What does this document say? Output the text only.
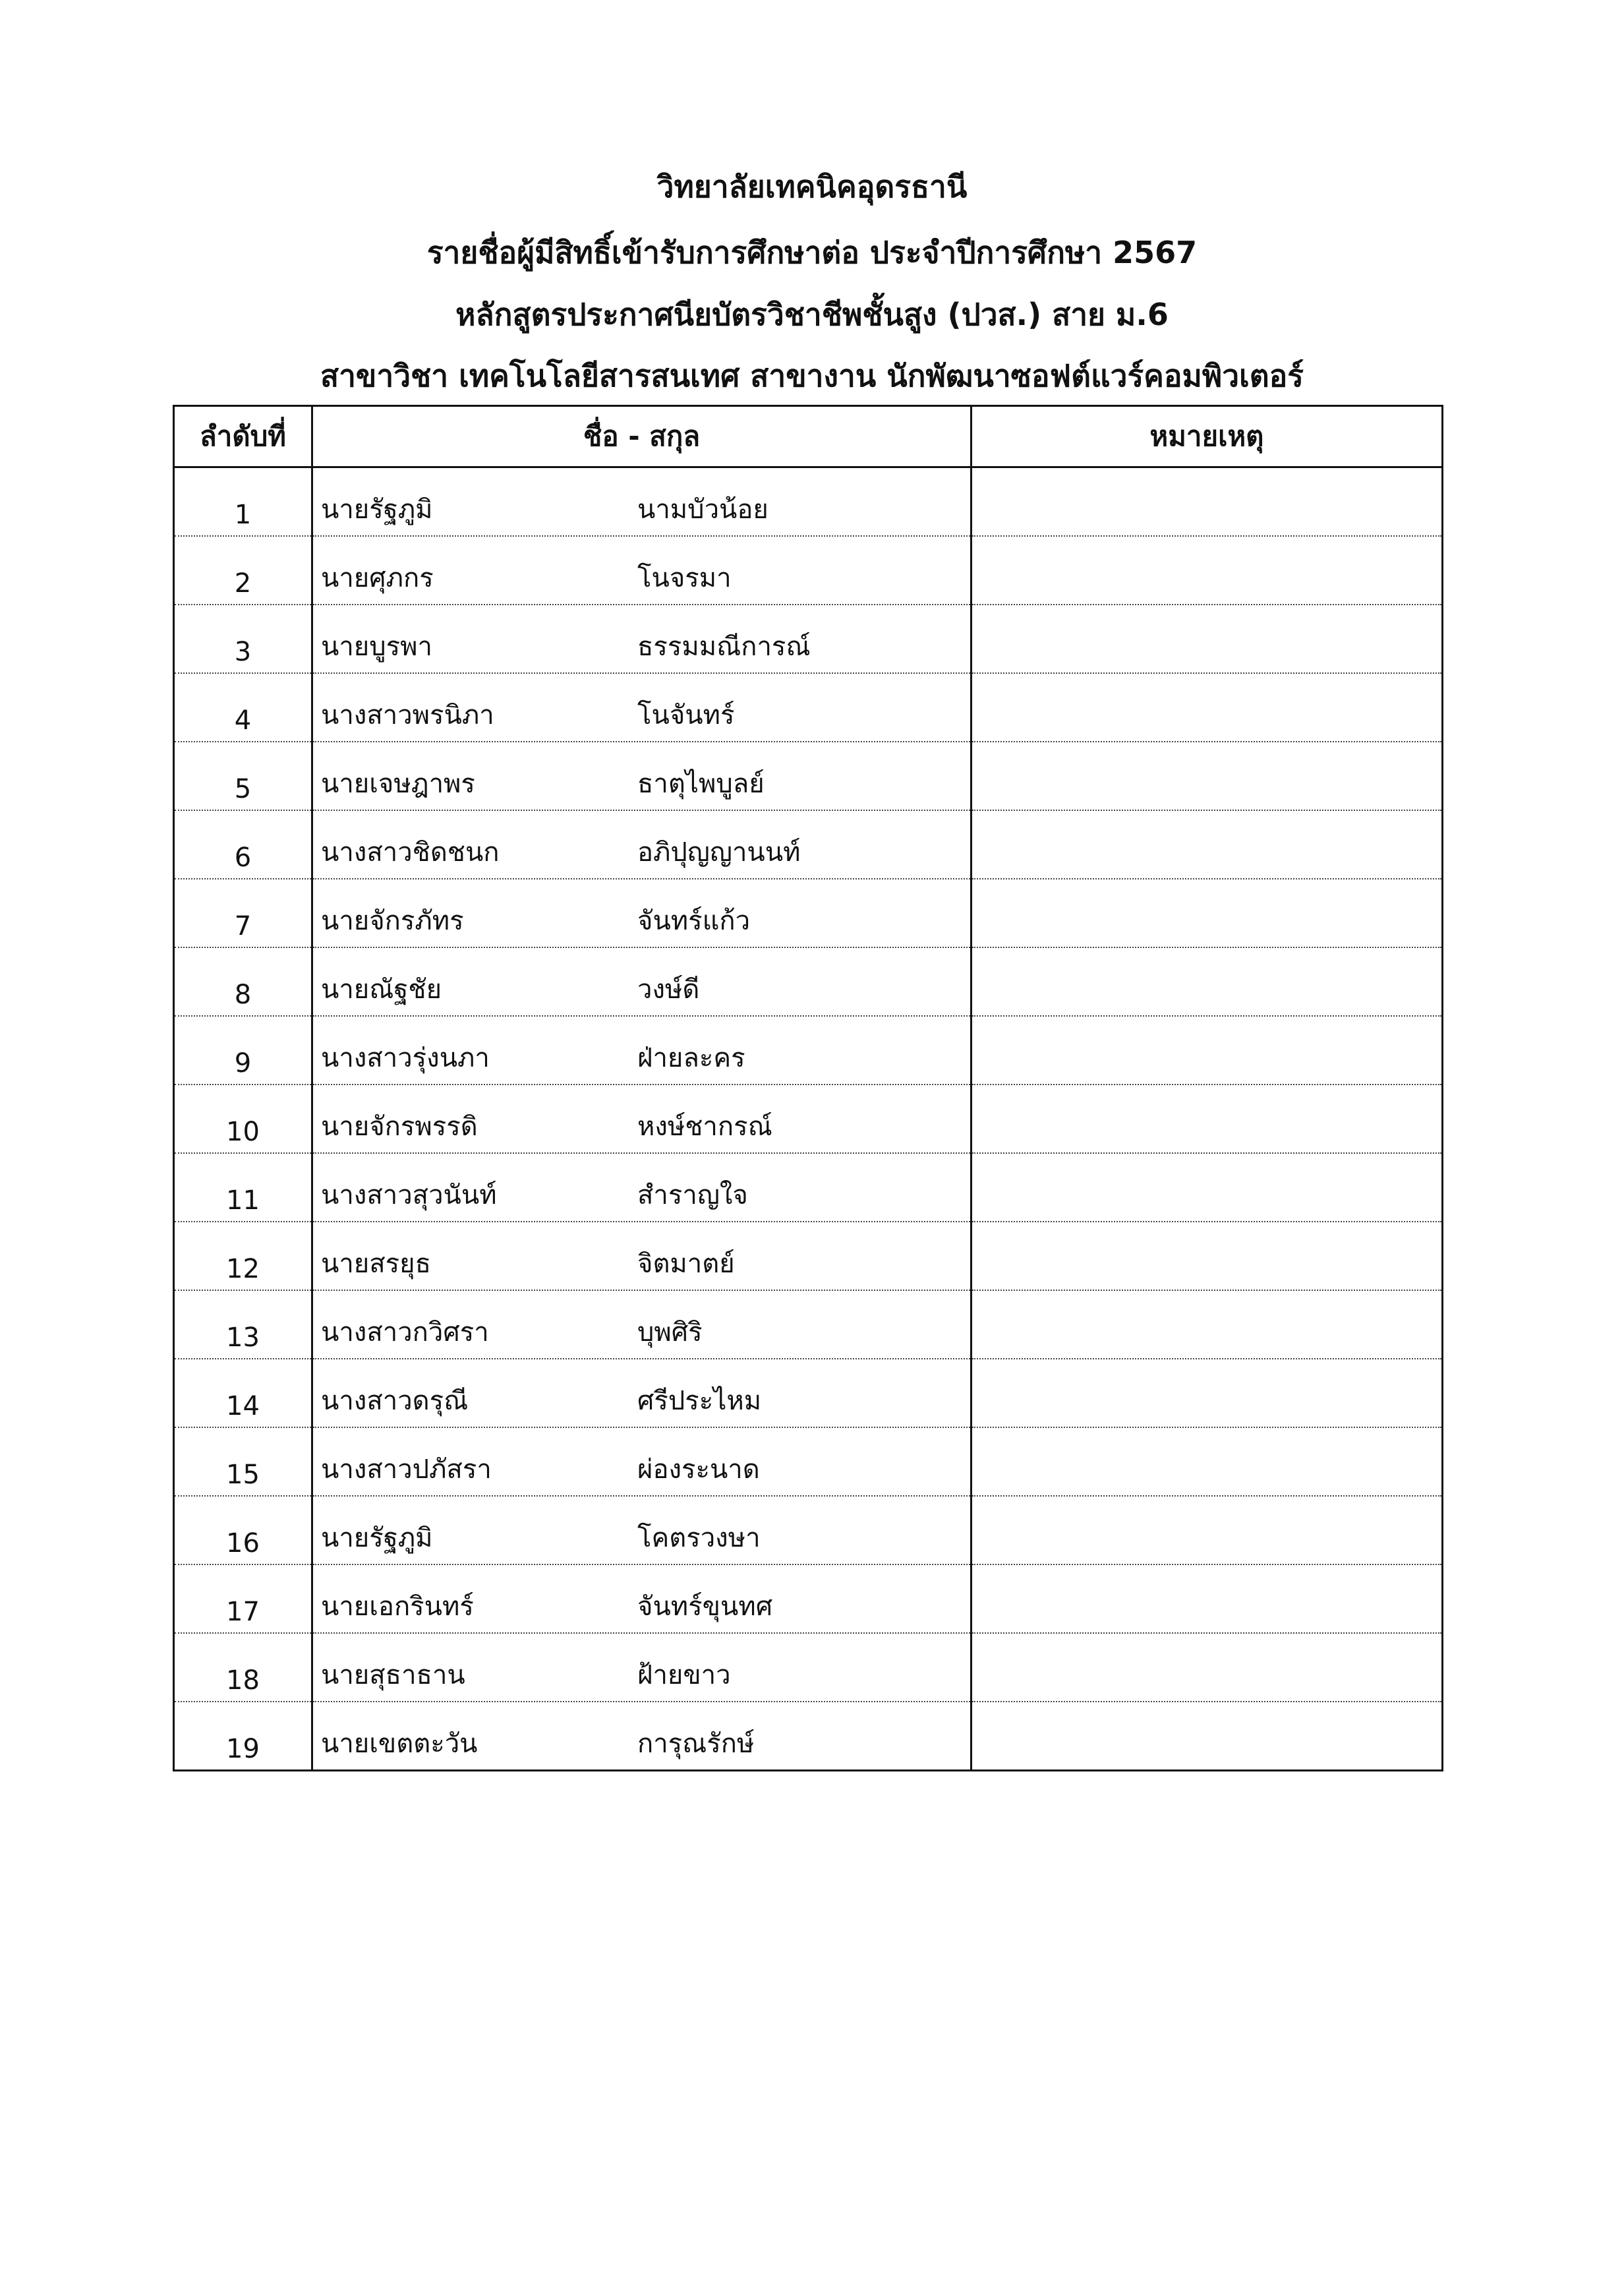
วิทยาลัยเทคนิคอุดรธานี
รายชื่อผู้มีสิทธิ์เข้ารับการศึกษาต่อ ประจำปีการศึกษา 2567
หลักสูตรประกาศนียบัตรวิชาชีพชั้นสูง (ปวส.) สาย ม.6
สาขาวิชา เทคโนโลยีสารสนเทศ สาขางาน นักพัฒนาซอฟต์แวร์คอมพิวเตอร์
ลำดับที่	ชื่อ - สกุล	หมายเหตุ
1	นายรัฐภูมิ นามบัวน้อย	
2	นายศุภกร โนจรมา	
3	นายบูรพา ธรรมมณีการณ์	
4	นางสาวพรนิภา โนจันทร์	
5	นายเจษฎาพร ธาตุไพบูลย์	
6	นางสาวชิดชนก อภิปุญญานนท์	
7	นายจักรภัทร จันทร์แก้ว	
8	นายณัฐชัย วงษ์ดี	
9	นางสาวรุ่งนภา ฝ่ายละคร	
10	นายจักรพรรดิ หงษ์ชากรณ์	
11	นางสาวสุวนันท์ สำราญใจ	
12	นายสรยุธ จิตมาตย์	
13	นางสาวกวิศรา บุพศิริ	
14	นางสาวดรุณี ศรีประไหม	
15	นางสาวปภัสรา ผ่องระนาด	
16	นายรัฐภูมิ โคตรวงษา	
17	นายเอกรินทร์ จันทร์ขุนทศ	
18	นายสุธาธาน ฝ้ายขาว	
19	นายเขตตะวัน การุณรักษ์	
